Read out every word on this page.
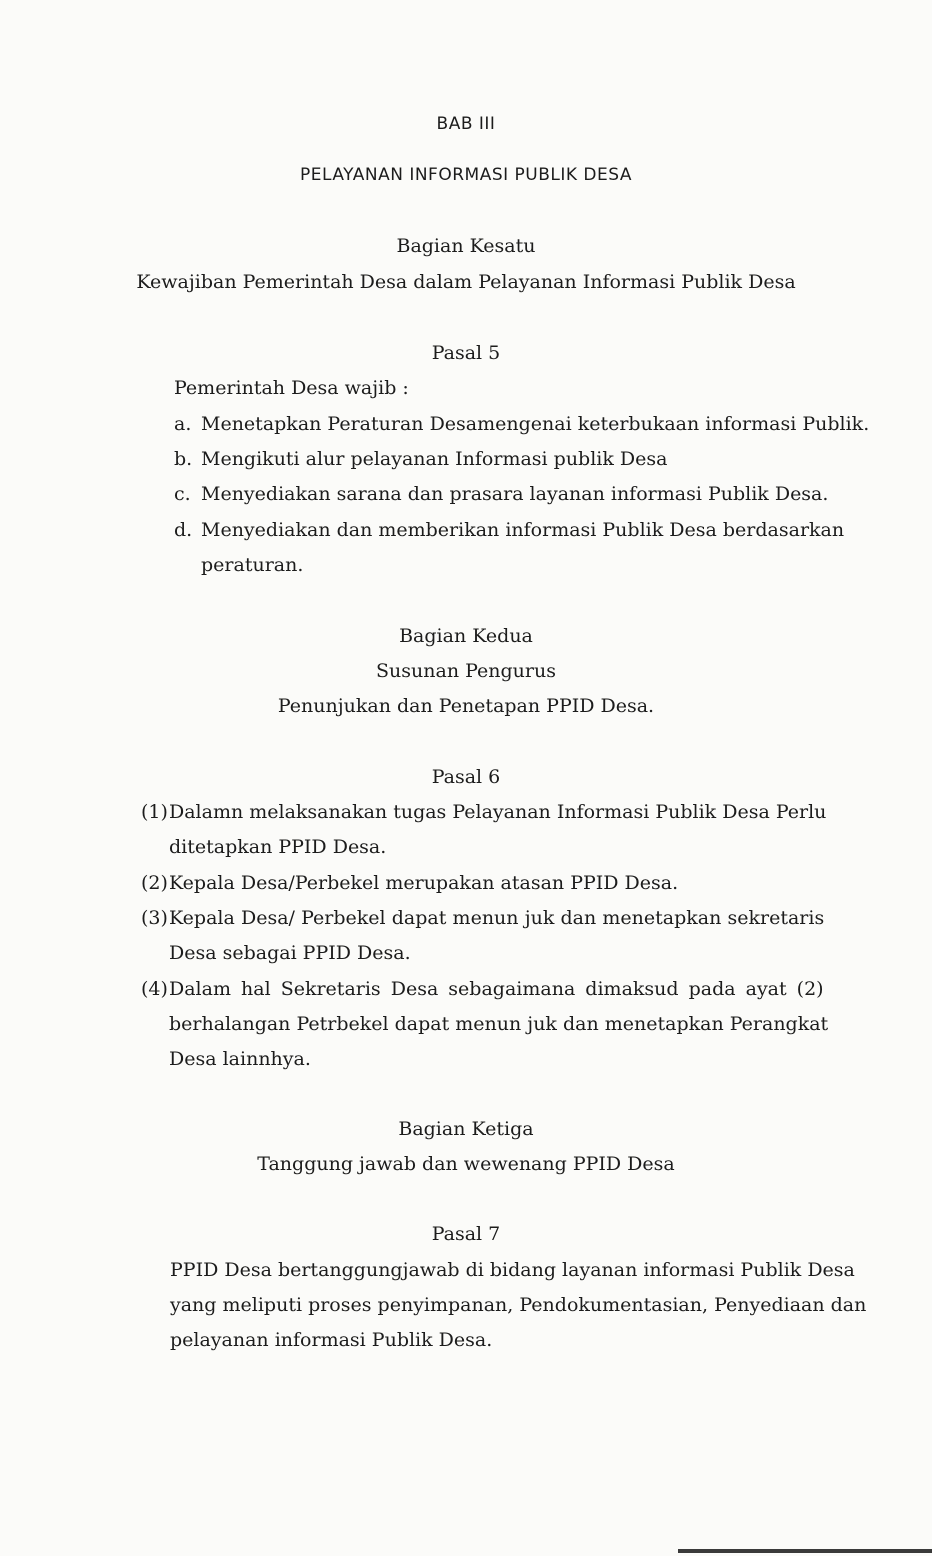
BAB III
PELAYANAN INFORMASI PUBLIK DESA
Bagian Kesatu
Kewajiban Pemerintah Desa dalam Pelayanan Informasi Publik Desa
Pasal 5
Pemerintah Desa wajib :
a. Menetapkan Peraturan Desamengenai keterbukaan informasi Publik.
b. Mengikuti alur pelayanan Informasi publik Desa
c. Menyediakan sarana dan prasara layanan informasi Publik Desa.
d. Menyediakan dan memberikan informasi Publik Desa berdasarkan
peraturan.
Bagian Kedua
Susunan Pengurus
Penunjukan dan Penetapan PPID Desa.
Pasal 6
(1) Dalamn melaksanakan tugas Pelayanan Informasi Publik Desa Perlu
ditetapkan PPID Desa.
(2) Kepala Desa/Perbekel merupakan atasan PPID Desa.
(3) Kepala Desa/ Perbekel dapat menun juk dan menetapkan sekretaris
Desa sebagai PPID Desa.
(4) Dalam hal Sekretaris Desa sebagaimana dimaksud pada ayat (2)
berhalangan Petrbekel dapat menun juk dan menetapkan Perangkat
Desa lainnhya.
Bagian Ketiga
Tanggung jawab dan wewenang PPID Desa
Pasal 7
PPID Desa bertanggungjawab di bidang layanan informasi Publik Desa
yang meliputi proses penyimpanan, Pendokumentasian, Penyediaan dan
pelayanan informasi Publik Desa.
